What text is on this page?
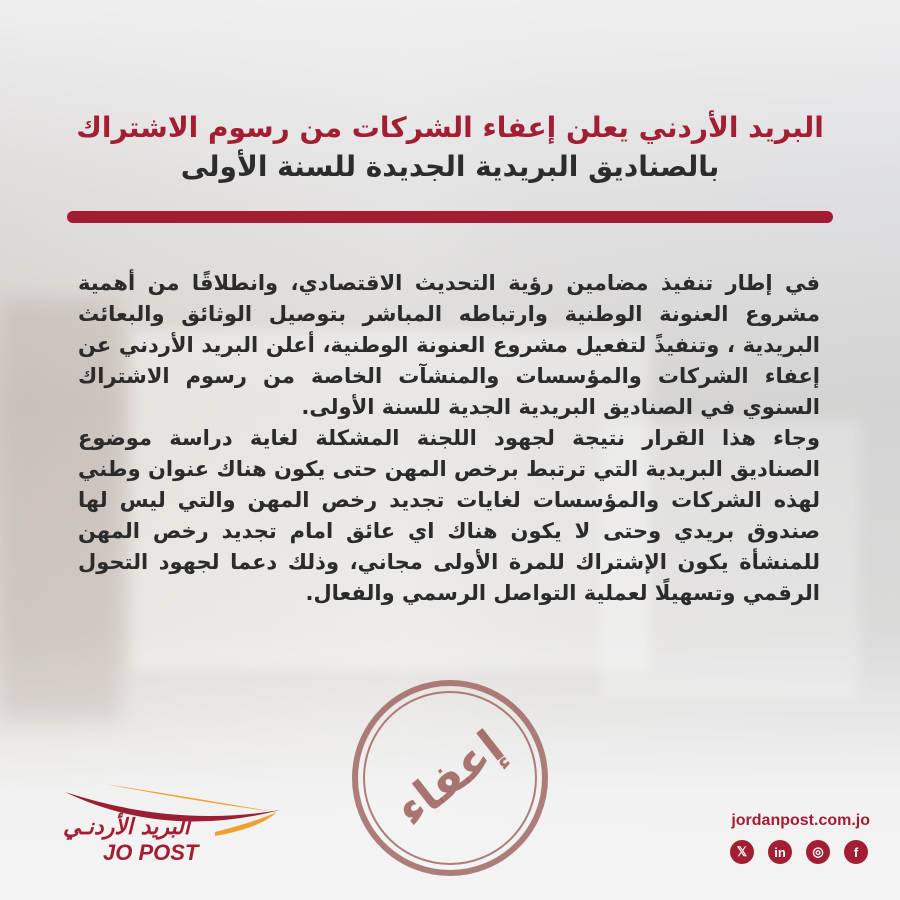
البريد الأردني يعلن إعفاء الشركات من رسوم الاشتراك
بالصناديق البريدية الجديدة للسنة الأولى

في إطار تنفيذ مضامين رؤية التحديث الاقتصادي، وانطلاقًا من أهمية مشروع العنونة الوطنية وارتباطه المباشر بتوصيل الوثائق والبعائث البريدية ، وتنفيذً لتفعيل مشروع العنونة الوطنية، أعلن البريد الأردني عن إعفاء الشركات والمؤسسات والمنشآت الخاصة من رسوم الاشتراك السنوي في الصناديق البريدية الجدية للسنة الأولى.

وجاء هذا القرار نتيجة لجهود اللجنة المشكلة لغاية دراسة موضوع الصناديق البريدية التي ترتبط برخص المهن حتى يكون هناك عنوان وطني لهذه الشركات والمؤسسات لغايات تجديد رخص المهن والتي ليس لها صندوق بريدي وحتى لا يكون هناك اي عائق امام تجديد رخص المهن للمنشأة يكون الإشتراك للمرة الأولى مجاني، وذلك دعما لجهود التحول الرقمي وتسهيلًا لعملية التواصل الرسمي والفعال.

إعفاء
البريد الأردنـي
JO POST
jordanpost.com.jo
f
◎
in
𝕏
